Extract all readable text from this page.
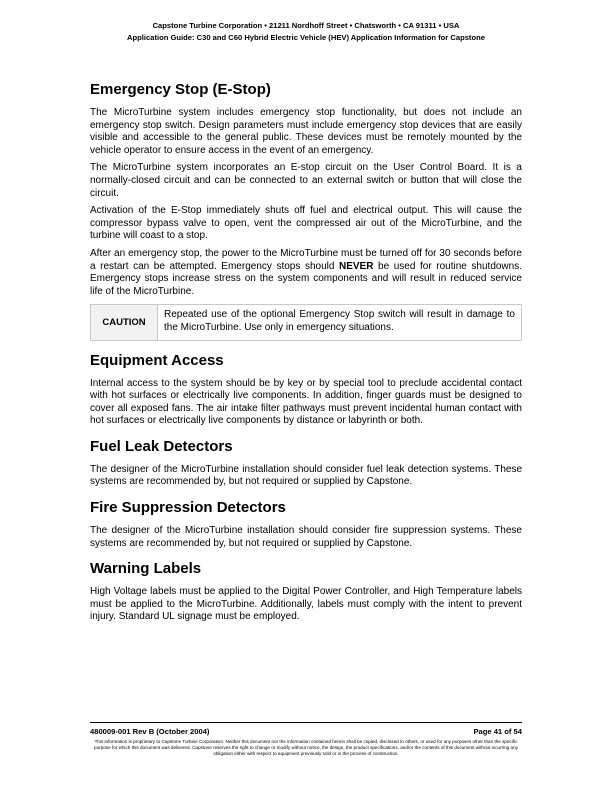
Capstone Turbine Corporation • 21211 Nordhoff Street • Chatsworth • CA 91311 • USA
Application Guide: C30 and C60 Hybrid Electric Vehicle (HEV) Application Information for Capstone
Emergency Stop (E-Stop)

The MicroTurbine system includes emergency stop functionality, but does not include an emergency stop switch. Design parameters must include emergency stop devices that are easily visible and accessible to the general public. These devices must be remotely mounted by the vehicle operator to ensure access in the event of an emergency.

The MicroTurbine system incorporates an E-stop circuit on the User Control Board. It is a normally-closed circuit and can be connected to an external switch or button that will close the circuit.

Activation of the E-Stop immediately shuts off fuel and electrical output. This will cause the compressor bypass valve to open, vent the compressed air out of the MicroTurbine, and the turbine will coast to a stop.

After an emergency stop, the power to the MicroTurbine must be turned off for 30 seconds before a restart can be attempted. Emergency stops should NEVER be used for routine shutdowns. Emergency stops increase stress on the system components and will result in reduced service life of the MicroTurbine.

CAUTION
Repeated use of the optional Emergency Stop switch will result in damage to the MicroTurbine. Use only in emergency situations.
Equipment Access

Internal access to the system should be by key or by special tool to preclude accidental contact with hot surfaces or electrically live components. In addition, finger guards must be designed to cover all exposed fans. The air intake filter pathways must prevent incidental human contact with hot surfaces or electrically live components by distance or labyrinth or both.

Fuel Leak Detectors

The designer of the MicroTurbine installation should consider fuel leak detection systems. These systems are recommended by, but not required or supplied by Capstone.

Fire Suppression Detectors

The designer of the MicroTurbine installation should consider fire suppression systems. These systems are recommended by, but not required or supplied by Capstone.

Warning Labels

High Voltage labels must be applied to the Digital Power Controller, and High Temperature labels must be applied to the MicroTurbine. Additionally, labels must comply with the intent to prevent injury. Standard UL signage must be employed.

480009-001 Rev B (October 2004)	Page 41 of 54
This information is proprietary to Capstone Turbine Corporation. Neither this document nor the information contained herein shall be copied, disclosed to others, or used for any purposes other than the specific purpose for which this document was delivered. Capstone reserves the right to change or modify without notice, the design, the product specifications, and/or the contents of this document without incurring any obligation either with respect to equipment previously sold or in the process of construction.
